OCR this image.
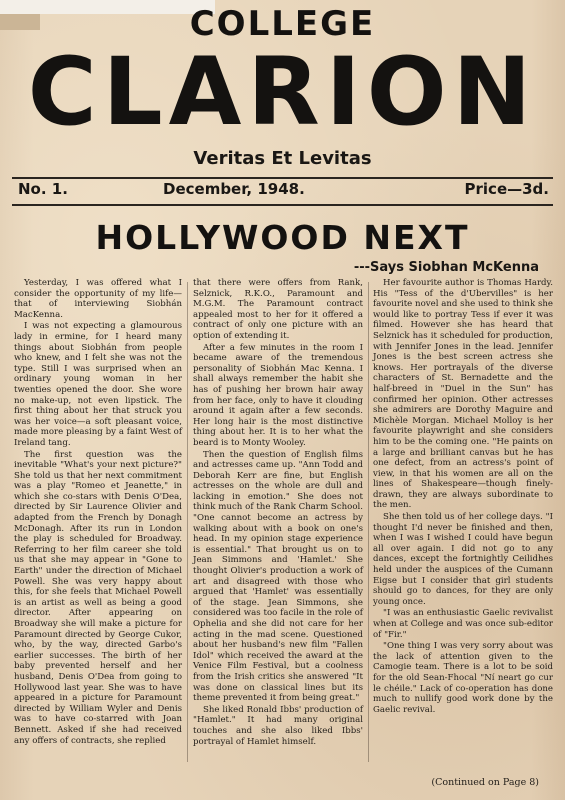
COLLEGE
CLARION
Veritas Et Levitas
No. 1.	December, 1948.	Price—3d.
HOLLYWOOD NEXT
---Says Siobhan McKenna

Yesterday, I was offered what I consider the opportunity of my life—that of interviewing Siobhán MacKenna.

I was not expecting a glamourous lady in ermine, for I heard many things about Siobhán from people who knew, and I felt she was not the type. Still I was surprised when an ordinary young woman in her twenties opened the door. She wore no make-up, not even lipstick. The first thing about her that struck you was her voice—a soft pleasant voice, made more pleasing by a faint West of Ireland tang.

The first question was the inevitable "What's your next picture?" She told us that her next commitment was a play "Romeo et Jeanette," in which she co-stars with Denis O'Dea, directed by Sir Laurence Olivier and adapted from the French by Donagh McDonagh. After its run in London the play is scheduled for Broadway. Referring to her film career she told us that she may appear in "Gone to Earth" under the direction of Michael Powell. She was very happy about this, for she feels that Michael Powell is an artist as well as being a good director. After appearing on Broadway she will make a picture for Paramount directed by George Cukor, who, by the way, directed Garbo's earlier successes. The birth of her baby prevented herself and her husband, Denis O'Dea from going to Hollywood last year. She was to have appeared in a picture for Paramount directed by William Wyler and Denis was to have co-starred with Joan Bennett. Asked if she had received any offers of contracts, she replied

that there were offers from Rank, Selznick, R.K.O., Paramount and M.G.M. The Paramount contract appealed most to her for it offered a contract of only one picture with an option of extending it.

After a few minutes in the room I became aware of the tremendous personality of Siobhán Mac Kenna. I shall always remember the habit she has of pushing her brown hair away from her face, only to have it clouding around it again after a few seconds. Her long hair is the most distinctive thing about her. It is to her what the beard is to Monty Wooley.

Then the question of English films and actresses came up. "Ann Todd and Deborah Kerr are fine, but English actresses on the whole are dull and lacking in emotion." She does not think much of the Rank Charm School. "One cannot become an actress by walking about with a book on one's head. In my opinion stage experience is essential." That brought us on to Jean Simmons and 'Hamlet.' She thought Olivier's production a work of art and disagreed with those who argued that 'Hamlet' was essentially of the stage. Jean Simmons, she considered was too facile in the role of Ophelia and she did not care for her acting in the mad scene. Questioned about her husband's new film "Fallen Idol" which received the award at the Venice Film Festival, but a coolness from the Irish critics she answered "It was done on classical lines but its theme prevented it from being great."

She liked Ronald Ibbs' production of "Hamlet." It had many original touches and she also liked Ibbs' portrayal of Hamlet himself.

Her favourite author is Thomas Hardy. His "Tess of the d'Ubervilles" is her favourite novel and she used to think she would like to portray Tess if ever it was filmed. However she has heard that Selznick has it scheduled for production, with Jennifer Jones in the lead. Jennifer Jones is the best screen actress she knows. Her portrayals of the diverse characters of St. Bernadette and the half-breed in "Duel in the Sun" has confirmed her opinion. Other actresses she admirers are Dorothy Maguire and Michèle Morgan. Michael Molloy is her favourite playwright and she considers him to be the coming one. "He paints on a large and brilliant canvas but he has one defect, from an actress's point of view, in that his women are all on the lines of Shakespeare—though finely-drawn, they are always subordinate to the men.

She then told us of her college days. "I thought I'd never be finished and then, when I was I wished I could have begun all over again. I did not go to any dances, except the fortnightly Ceilidhes held under the auspices of the Cumann Eigse but I consider that girl students should go to dances, for they are only young once.

"I was an enthusiastic Gaelic revivalist when at College and was once sub-editor of "Fir."

"One thing I was very sorry about was the lack of attention given to the Camogie team. There is a lot to be soid for the old Sean-Fhocal "Ní neart go cur le chéile." Lack of co-operation has done much to nullify good work done by the Gaelic revival.

(Continued on Page 8)
